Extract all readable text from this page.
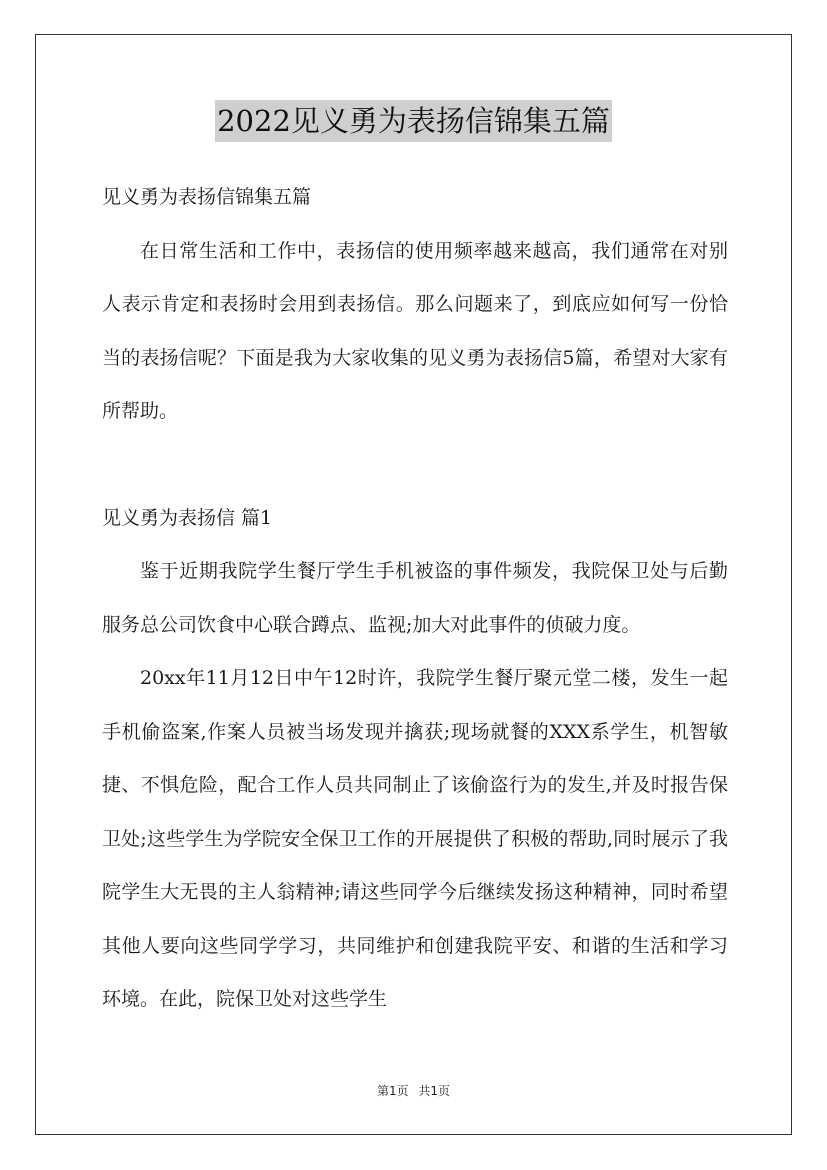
2022见义勇为表扬信锦集五篇

见义勇为表扬信锦集五篇

在日常生活和工作中，表扬信的使用频率越来越高，我们通常在对别人表示肯定和表扬时会用到表扬信。那么问题来了，到底应如何写一份恰当的表扬信呢？下面是我为大家收集的见义勇为表扬信5篇，希望对大家有所帮助。

见义勇为表扬信 篇1

鉴于近期我院学生餐厅学生手机被盗的事件频发，我院保卫处与后勤服务总公司饮食中心联合蹲点、监视;加大对此事件的侦破力度。

20xx年11月12日中午12时许，我院学生餐厅聚元堂二楼，发生一起手机偷盗案,作案人员被当场发现并擒获;现场就餐的XXX系学生，机智敏捷、不惧危险，配合工作人员共同制止了该偷盗行为的发生,并及时报告保卫处;这些学生为学院安全保卫工作的开展提供了积极的帮助,同时展示了我院学生大无畏的主人翁精神;请这些同学今后继续发扬这种精神，同时希望其他人要向这些同学学习，共同维护和创建我院平安、和谐的生活和学习环境。在此，院保卫处对这些学生

第1页 共1页
